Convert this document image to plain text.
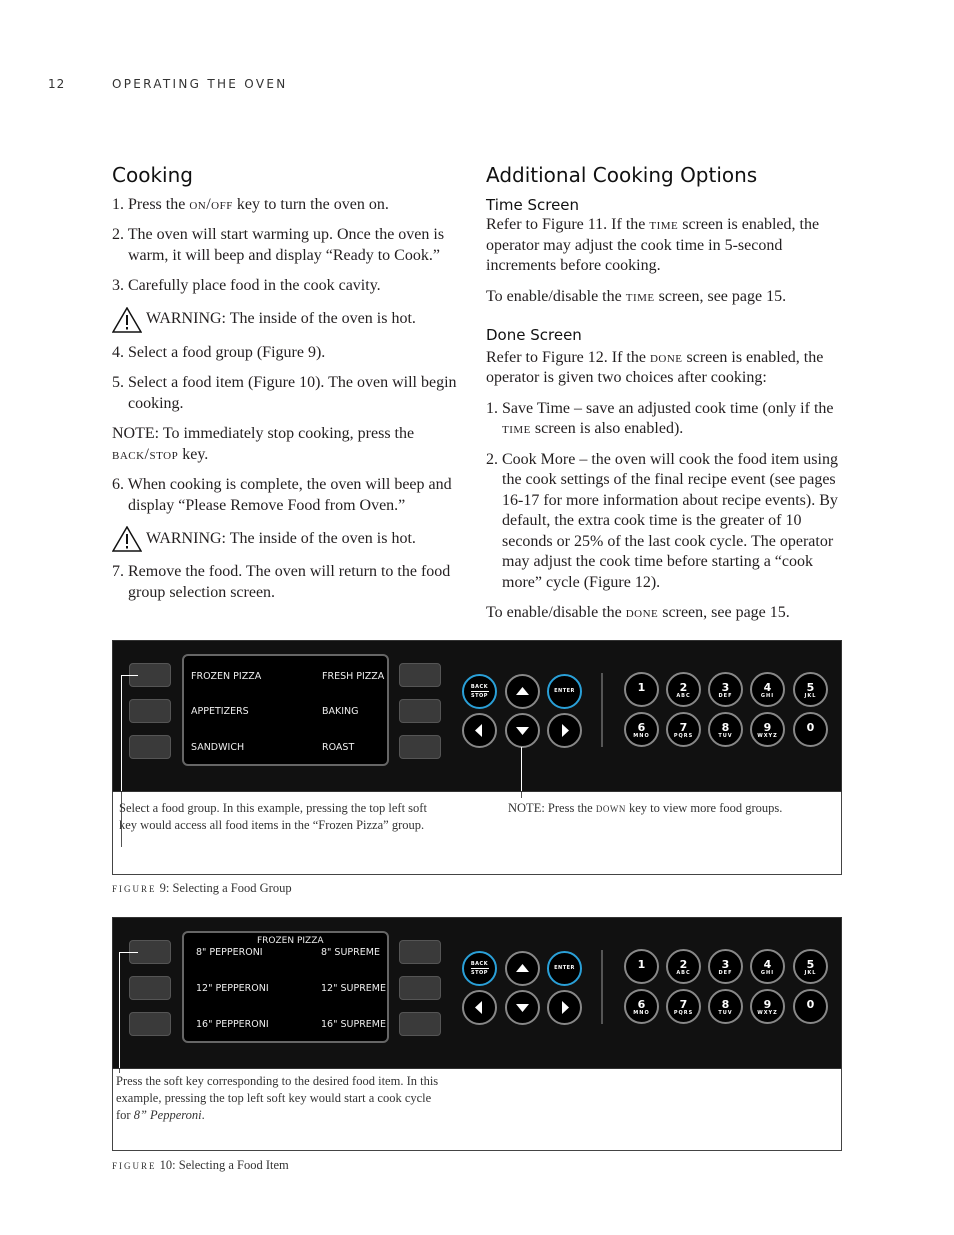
12	OPERATING THE OVEN
Cooking

1. Press the on/off key to turn the oven on.

2. The oven will start warming up. Once the oven is warm, it will beep and display “Ready to Cook.”

3. Carefully place food in the cook cavity.

WARNING: The inside of the oven is hot.

4. Select a food group (Figure 9).

5. Select a food item (Figure 10). The oven will begin cooking.

NOTE: To immediately stop cooking, press the back/stop key.

6. When cooking is complete, the oven will beep and display “Please Remove Food from Oven.”

WARNING: The inside of the oven is hot.

7. Remove the food. The oven will return to the food group selection screen.

Additional Cooking Options
Time Screen

Refer to Figure 11. If the time screen is enabled, the operator may adjust the cook time in 5-second increments before cooking.

To enable/disable the time screen, see page 15.

Done Screen

Refer to Figure 12. If the done screen is enabled, the operator is given two choices after cooking:

1. Save Time – save an adjusted cook time (only if the time screen is also enabled).

2. Cook More – the oven will cook the food item using the cook settings of the final recipe event (see pages 16-17 for more information about recipe events). By default, the extra cook time is the greater of 10 seconds or 25% of the last cook cycle. The operator may adjust the cook time before starting a “cook more” cycle (Figure 12).

To enable/disable the done screen, see page 15.

FROZEN PIZZA
APPETIZERS
SANDWICH
FRESH PIZZA
BAKING
ROAST
BACK
STOP
ENTER	1	2
ABC
3
DEF
4
GHI
5
JKL
6
MNO
7
PQRS
8
TUV
9
WXYZ
0
Select a food group. In this example, pressing the top left soft key would access all food items in the “Frozen Pizza” group.
NOTE: Press the down key to view more food groups.
figure 9: Selecting a Food Group
FROZEN PIZZA
8" PEPPERONI
12" PEPPERONI
16" PEPPERONI
8" SUPREME
12" SUPREME
16" SUPREME
BACK
STOP
ENTER	1	2
ABC
3
DEF
4
GHI
5
JKL
6
MNO
7
PQRS
8
TUV
9
WXYZ
0
Press the soft key corresponding to the desired food item. In this example, pressing the top left soft key would start a cook cycle for 8” Pepperoni.
figure 10: Selecting a Food Item
